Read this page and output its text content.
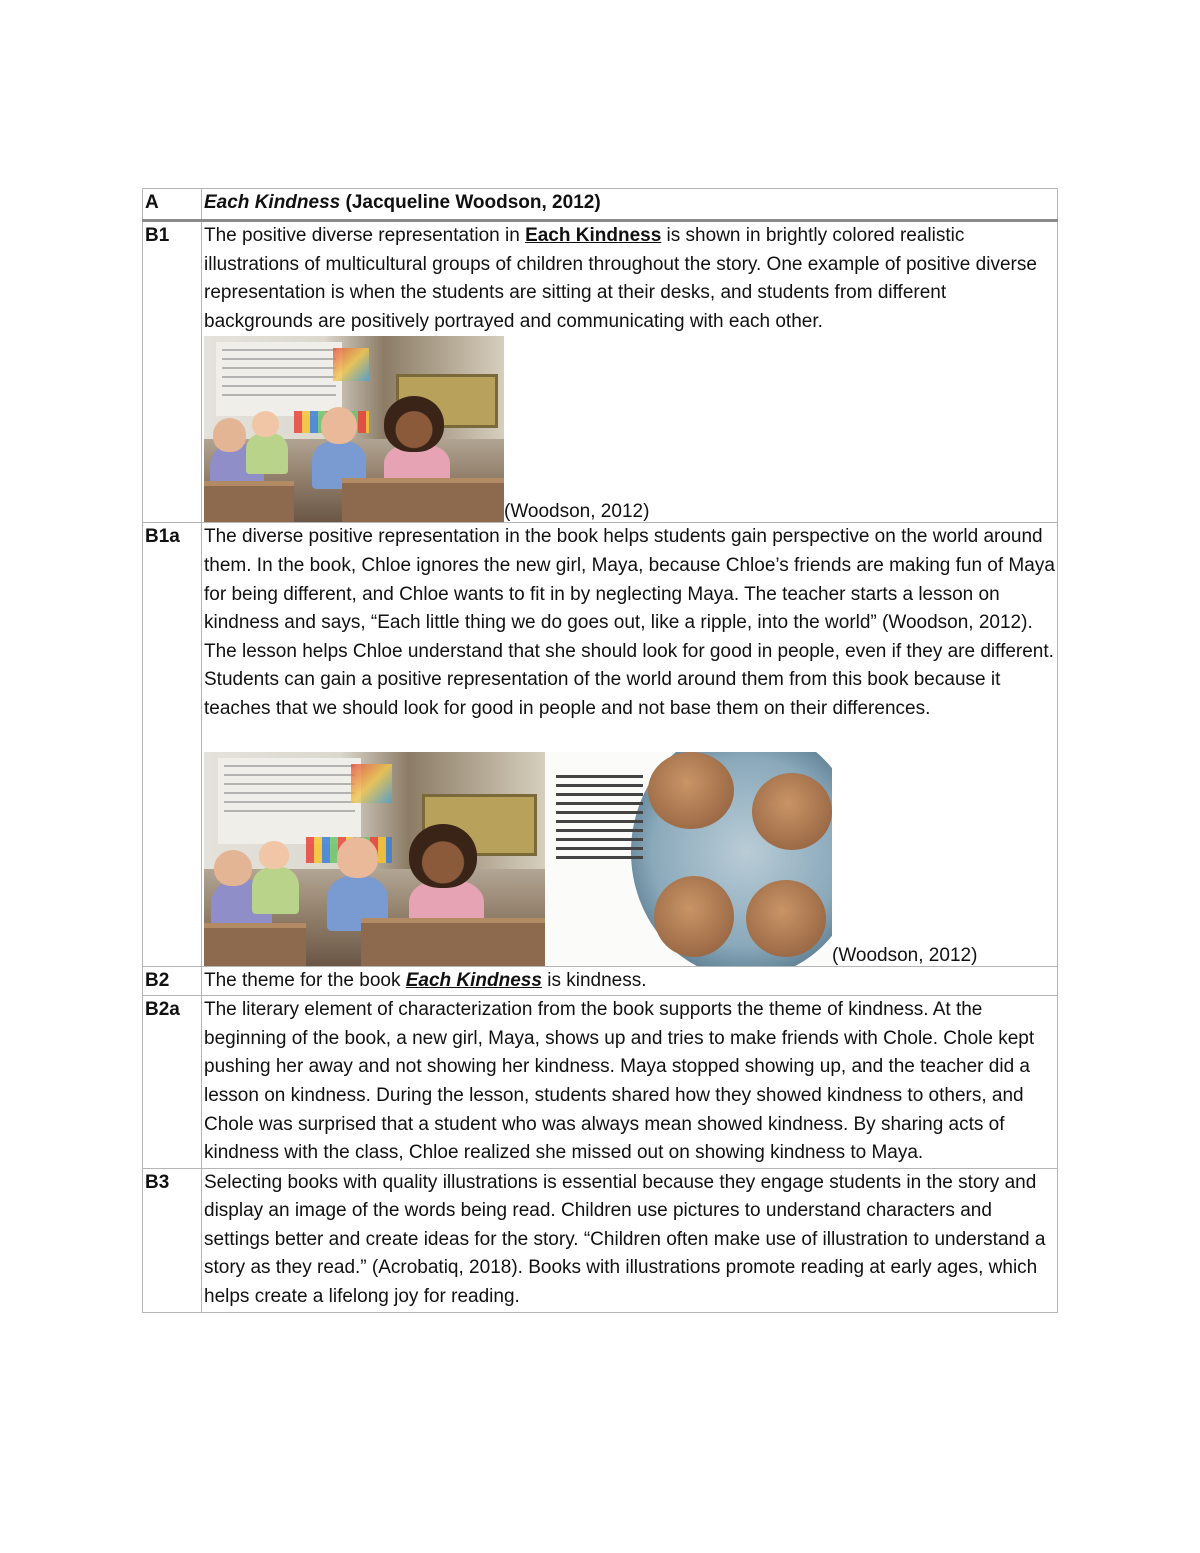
A	Each Kindness (Jacqueline Woodson, 2012)
B1	The positive diverse representation in Each Kindness is shown in brightly colored realistic illustrations of multicultural groups of children throughout the story. One example of positive diverse representation is when the students are sitting at their desks, and students from different backgrounds are positively portrayed and communicating with each other.
(Woodson, 2012)

B1a	The diverse positive representation in the book helps students gain perspective on the world around them. In the book, Chloe ignores the new girl, Maya, because Chloe’s friends are making fun of Maya for being different, and Chloe wants to fit in by neglecting Maya. The teacher starts a lesson on kindness and says, “Each little thing we do goes out, like a ripple, into the world” (Woodson, 2012). The lesson helps Chloe understand that she should look for good in people, even if they are different. Students can gain a positive representation of the world around them from this book because it teaches that we should look for good in people and not base them on their differences.
(Woodson, 2012)

B2	The theme for the book Each Kindness is kindness.
B2a	The literary element of characterization from the book supports the theme of kindness. At the beginning of the book, a new girl, Maya, shows up and tries to make friends with Chole. Chole kept pushing her away and not showing her kindness. Maya stopped showing up, and the teacher did a lesson on kindness. During the lesson, students shared how they showed kindness to others, and Chole was surprised that a student who was always mean showed kindness. By sharing acts of kindness with the class, Chloe realized she missed out on showing kindness to Maya.
B3	Selecting books with quality illustrations is essential because they engage students in the story and display an image of the words being read. Children use pictures to understand characters and settings better and create ideas for the story. “Children often make use of illustration to understand a story as they read.” (Acrobatiq, 2018). Books with illustrations promote reading at early ages, which helps create a lifelong joy for reading.
